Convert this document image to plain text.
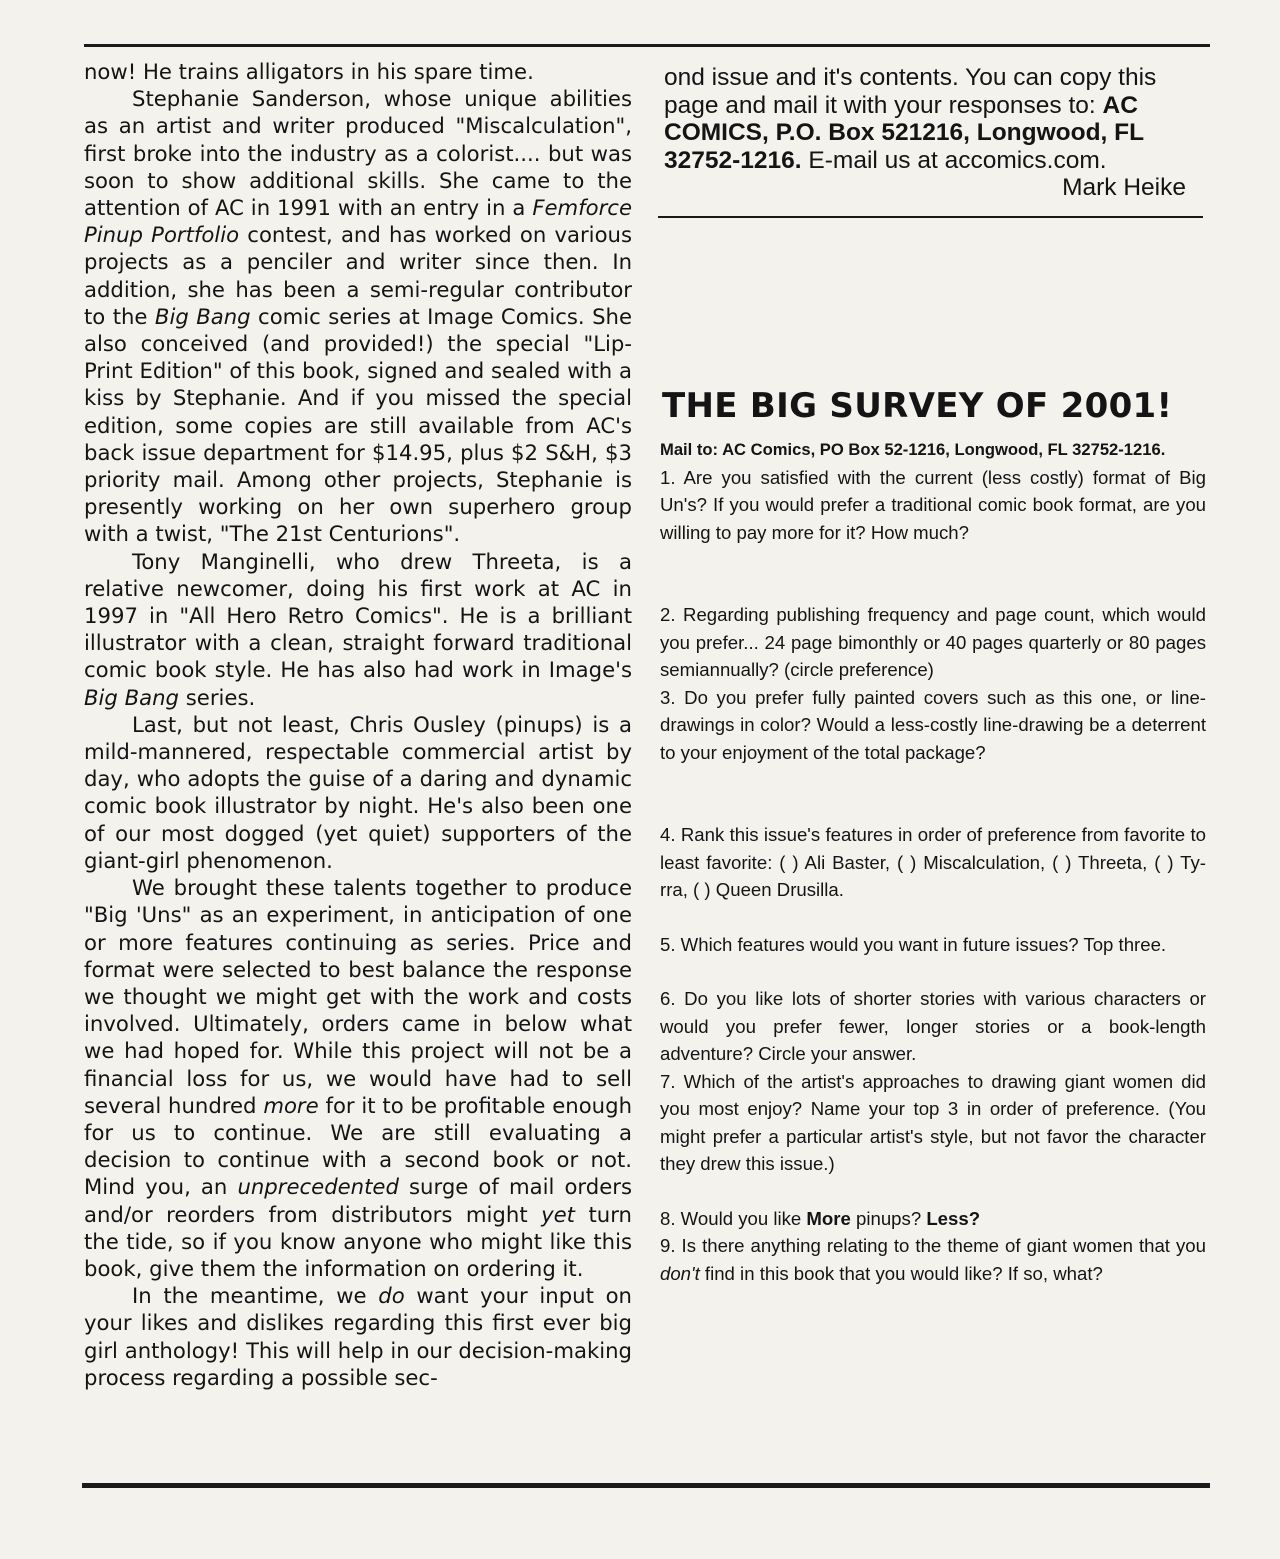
now! He trains alligators in his spare time.

Stephanie Sanderson, whose unique abilities as an artist and writer produced "Miscalculation", first broke into the industry as a colorist.... but was soon to show additional skills. She came to the attention of AC in 1991 with an entry in a Femforce Pinup Portfolio contest, and has worked on various projects as a penciler and writer since then. In addition, she has been a semi-regular contributor to the Big Bang comic series at Image Comics. She also conceived (and provided!) the special "Lip-Print Edition" of this book, signed and sealed with a kiss by Stephanie. And if you missed the special edition, some copies are still available from AC's back issue department for $14.95, plus $2 S&H, $3 priority mail. Among other projects, Stephanie is presently working on her own superhero group with a twist, "The 21st Centurions".

Tony Manginelli, who drew Threeta, is a relative newcomer, doing his first work at AC in 1997 in "All Hero Retro Comics". He is a brilliant illustrator with a clean, straight forward traditional comic book style. He has also had work in Image's Big Bang series.

Last, but not least, Chris Ousley (pinups) is a mild-mannered, respectable commercial artist by day, who adopts the guise of a daring and dynamic comic book illustrator by night. He's also been one of our most dogged (yet quiet) supporters of the giant-girl phenomenon.

We brought these talents together to produce "Big 'Uns" as an experiment, in anticipation of one or more features continuing as series. Price and format were selected to best balance the response we thought we might get with the work and costs involved. Ultimately, orders came in below what we had hoped for. While this project will not be a financial loss for us, we would have had to sell several hundred more for it to be profitable enough for us to continue. We are still evaluating a decision to continue with a second book or not. Mind you, an unprecedented surge of mail orders and/or reorders from distributors might yet turn the tide, so if you know anyone who might like this book, give them the information on ordering it.

In the meantime, we do want your input on your likes and dislikes regarding this first ever big girl anthology! This will help in our decision-making process regarding a possible sec-

ond issue and it's contents. You can copy this page and mail it with your responses to: AC COMICS, P.O. Box 521216, Longwood, FL 32752-1216. E-mail us at accomics.com.

Mark Heike

THE BIG SURVEY OF 2001!

Mail to: AC Comics, PO Box 52-1216, Longwood, FL 32752-1216.

1. Are you satisfied with the current (less costly) format of Big Un's? If you would prefer a traditional comic book format, are you willing to pay more for it? How much?

2. Regarding publishing frequency and page count, which would you prefer... 24 page bimonthly or 40 pages quarterly or 80 pages semiannually? (circle preference)

3. Do you prefer fully painted covers such as this one, or line-drawings in color? Would a less-costly line-drawing be a deterrent to your enjoyment of the total package?

4. Rank this issue's features in order of preference from favorite to least favorite: ( ) Ali Baster, ( ) Miscalculation, ( ) Threeta, ( ) Ty-rra, ( ) Queen Drusilla.

5. Which features would you want in future issues? Top three.

6. Do you like lots of shorter stories with various characters or would you prefer fewer, longer stories or a book-length adventure? Circle your answer.

7. Which of the artist's approaches to drawing giant women did you most enjoy? Name your top 3 in order of preference. (You might prefer a particular artist's style, but not favor the character they drew this issue.)

8. Would you like More pinups? Less?

9. Is there anything relating to the theme of giant women that you don't find in this book that you would like? If so, what?
